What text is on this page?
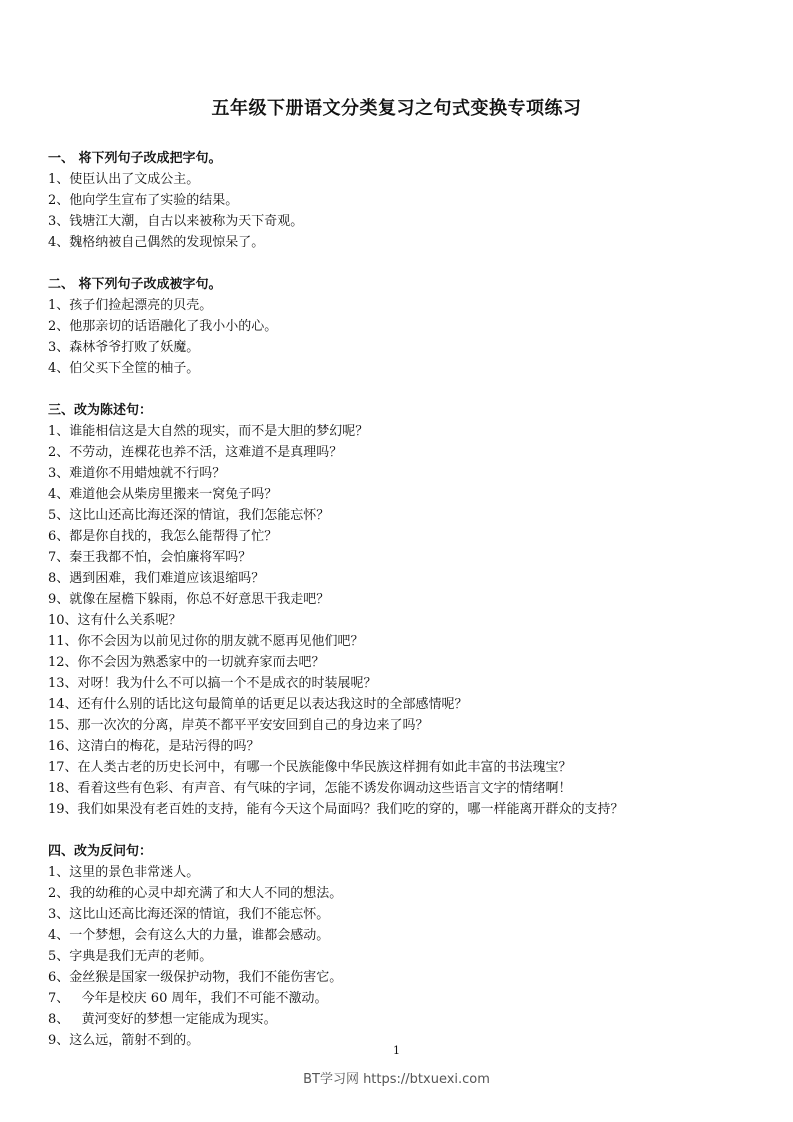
五年级下册语文分类复习之句式变换专项练习
一、 将下列句子改成把字句。
1、使臣认出了文成公主。
2、他向学生宣布了实验的结果。
3、钱塘江大潮，自古以来被称为天下奇观。
4、魏格纳被自己偶然的发现惊呆了。
二、 将下列句子改成被字句。
1、孩子们捡起漂亮的贝壳。
2、他那亲切的话语融化了我小小的心。
3、森林爷爷打败了妖魔。
4、伯父买下全筐的柚子。
三、改为陈述句：
1、谁能相信这是大自然的现实，而不是大胆的梦幻呢？
2、不劳动，连棵花也养不活，这难道不是真理吗？
3、难道你不用蜡烛就不行吗？
4、难道他会从柴房里搬来一窝兔子吗？
5、这比山还高比海还深的情谊，我们怎能忘怀？
6、都是你自找的，我怎么能帮得了忙？
7、秦王我都不怕，会怕廉将军吗？
8、遇到困难，我们难道应该退缩吗？
9、就像在屋檐下躲雨，你总不好意思干我走吧？
10、这有什么关系呢？
11、你不会因为以前见过你的朋友就不愿再见他们吧？
12、你不会因为熟悉家中的一切就弃家而去吧？
13、对呀！我为什么不可以搞一个不是成衣的时装展呢？
14、还有什么别的话比这句最简单的话更足以表达我这时的全部感情呢？
15、那一次次的分离，岸英不都平平安安回到自己的身边来了吗？
16、这清白的梅花，是玷污得的吗？
17、在人类古老的历史长河中，有哪一个民族能像中华民族这样拥有如此丰富的书法瑰宝？
18、看着这些有色彩、有声音、有气味的字词，怎能不诱发你调动这些语言文字的情绪啊！
19、我们如果没有老百姓的支持，能有今天这个局面吗？我们吃的穿的，哪一样能离开群众的支持？
四、改为反问句：
1、这里的景色非常迷人。
2、我的幼稚的心灵中却充满了和大人不同的想法。
3、这比山还高比海还深的情谊，我们不能忘怀。
4、一个梦想，会有这么大的力量，谁都会感动。
5、字典是我们无声的老师。
6、金丝猴是国家一级保护动物，我们不能伤害它。
7、   今年是校庆 60 周年，我们不可能不激动。
8、   黄河变好的梦想一定能成为现实。
9、这么远，箭射不到的。
1
BT学习网 https://btxuexi.com
